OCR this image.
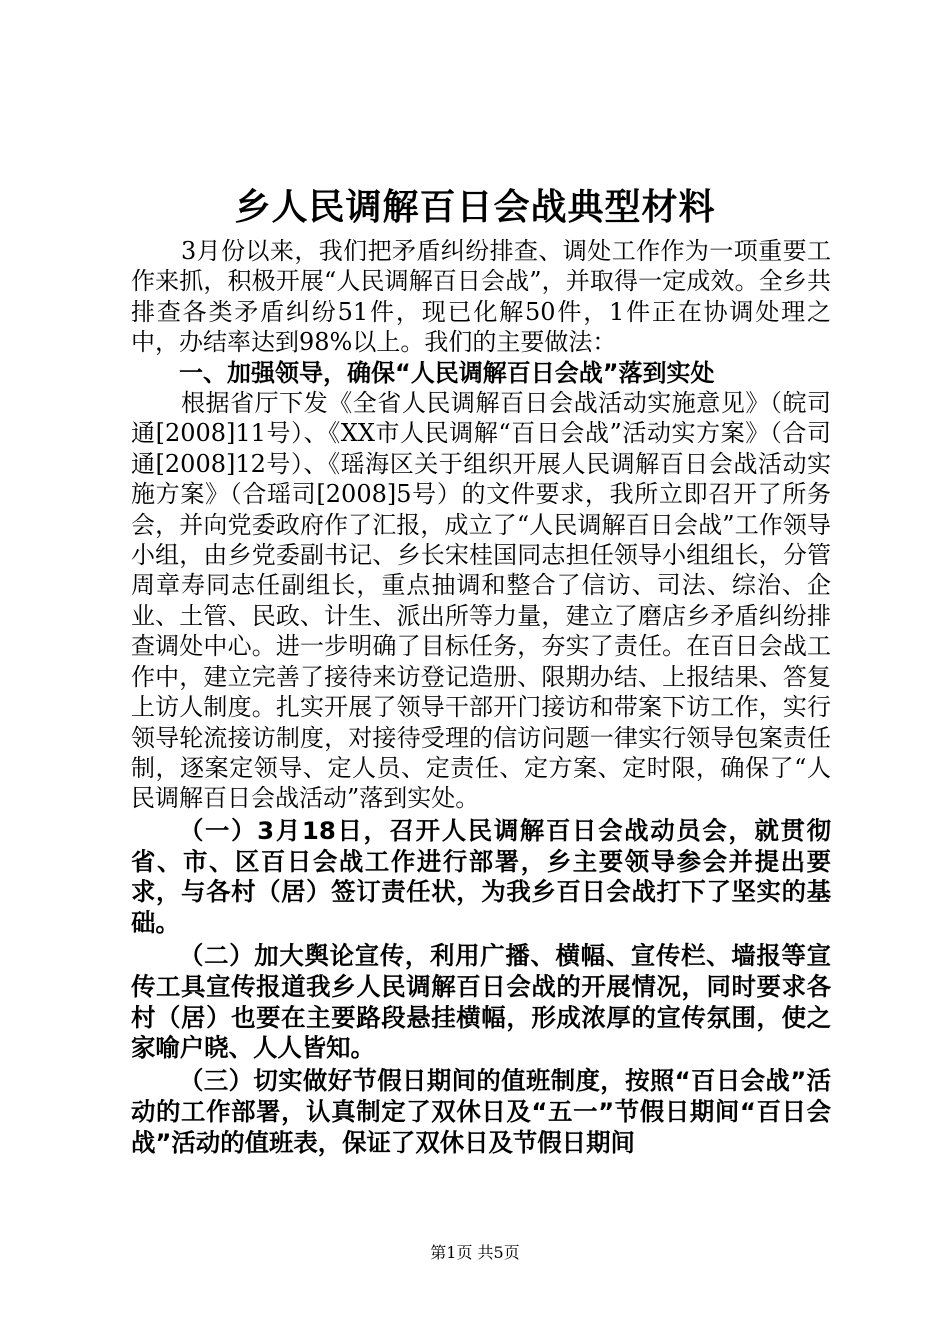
乡人民调解百日会战典型材料

3月份以来，我们把矛盾纠纷排查、调处工作作为一项重要工作来抓，积极开展“人民调解百日会战”，并取得一定成效。全乡共排查各类矛盾纠纷51件，现已化解50件，1件正在协调处理之中，办结率达到98%以上。我们的主要做法：

一、加强领导，确保“人民调解百日会战”落到实处

根据省厅下发《全省人民调解百日会战活动实施意见》（皖司通[2008]11号）、《XX市人民调解“百日会战”活动实方案》（合司通[2008]12号）、《瑶海区关于组织开展人民调解百日会战活动实施方案》（合瑶司[2008]5号）的文件要求，我所立即召开了所务会，并向党委政府作了汇报，成立了“人民调解百日会战”工作领导小组，由乡党委副书记、乡长宋桂国同志担任领导小组组长，分管周章寿同志任副组长，重点抽调和整合了信访、司法、综治、企业、土管、民政、计生、派出所等力量，建立了磨店乡矛盾纠纷排查调处中心。进一步明确了目标任务，夯实了责任。在百日会战工作中，建立完善了接待来访登记造册、限期办结、上报结果、答复上访人制度。扎实开展了领导干部开门接访和带案下访工作，实行领导轮流接访制度，对接待受理的信访问题一律实行领导包案责任制，逐案定领导、定人员、定责任、定方案、定时限，确保了“人民调解百日会战活动”落到实处。

（一）3月18日，召开人民调解百日会战动员会，就贯彻省、市、区百日会战工作进行部署，乡主要领导参会并提出要求，与各村（居）签订责任状，为我乡百日会战打下了坚实的基础。

（二）加大舆论宣传，利用广播、横幅、宣传栏、墙报等宣传工具宣传报道我乡人民调解百日会战的开展情况，同时要求各村（居）也要在主要路段悬挂横幅，形成浓厚的宣传氛围，使之家喻户晓、人人皆知。

（三）切实做好节假日期间的值班制度，按照“百日会战”活动的工作部署，认真制定了双休日及“五一”节假日期间“百日会战”活动的值班表，保证了双休日及节假日期间

第1页 共5页
